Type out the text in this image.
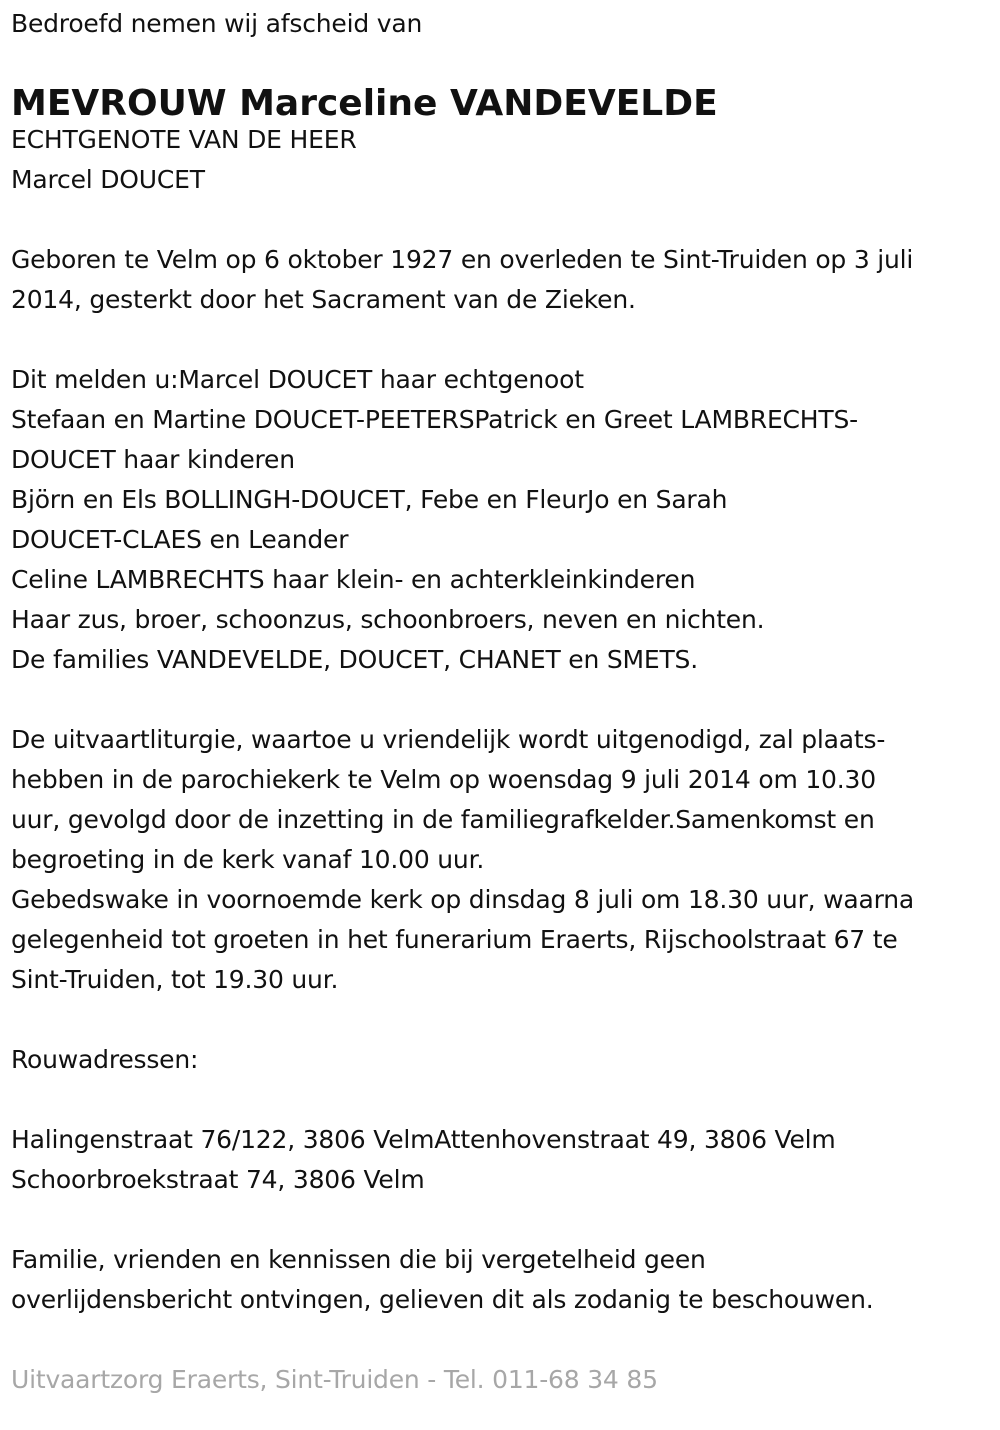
Bedroefd nemen wij afscheid van
MEVROUW Marceline VANDEVELDE
ECHTGENOTE VAN DE HEER
Marcel DOUCET
Geboren te Velm op 6 oktober 1927 en overleden te Sint-Truiden op 3 juli
2014, gesterkt door het Sacrament van de Zieken.
Dit melden u:Marcel DOUCET haar echtgenoot
Stefaan en Martine DOUCET-PEETERSPatrick en Greet LAMBRECHTS-
DOUCET haar kinderen
Björn en Els BOLLINGH-DOUCET, Febe en FleurJo en Sarah
DOUCET-CLAES en Leander
Celine LAMBRECHTS haar klein- en achterkleinkinderen
Haar zus, broer, schoonzus, schoonbroers, neven en nichten.
De families VANDEVELDE, DOUCET, CHANET en SMETS.
De uitvaartliturgie, waartoe u vriendelijk wordt uitgenodigd, zal plaats-
hebben in de parochiekerk te Velm op woensdag 9 juli 2014 om 10.30
uur, gevolgd door de inzetting in de familiegrafkelder.Samenkomst en
begroeting in de kerk vanaf 10.00 uur.
Gebedswake in voornoemde kerk op dinsdag 8 juli om 18.30 uur, waarna
gelegenheid tot groeten in het funerarium Eraerts, Rijschoolstraat 67 te
Sint-Truiden, tot 19.30 uur.
Rouwadressen:
Halingenstraat 76/122, 3806 VelmAttenhovenstraat 49, 3806 Velm
Schoorbroekstraat 74, 3806 Velm
Familie, vrienden en kennissen die bij vergetelheid geen
overlijdensbericht ontvingen, gelieven dit als zodanig te beschouwen.
Uitvaartzorg Eraerts, Sint-Truiden - Tel. 011-68 34 85
